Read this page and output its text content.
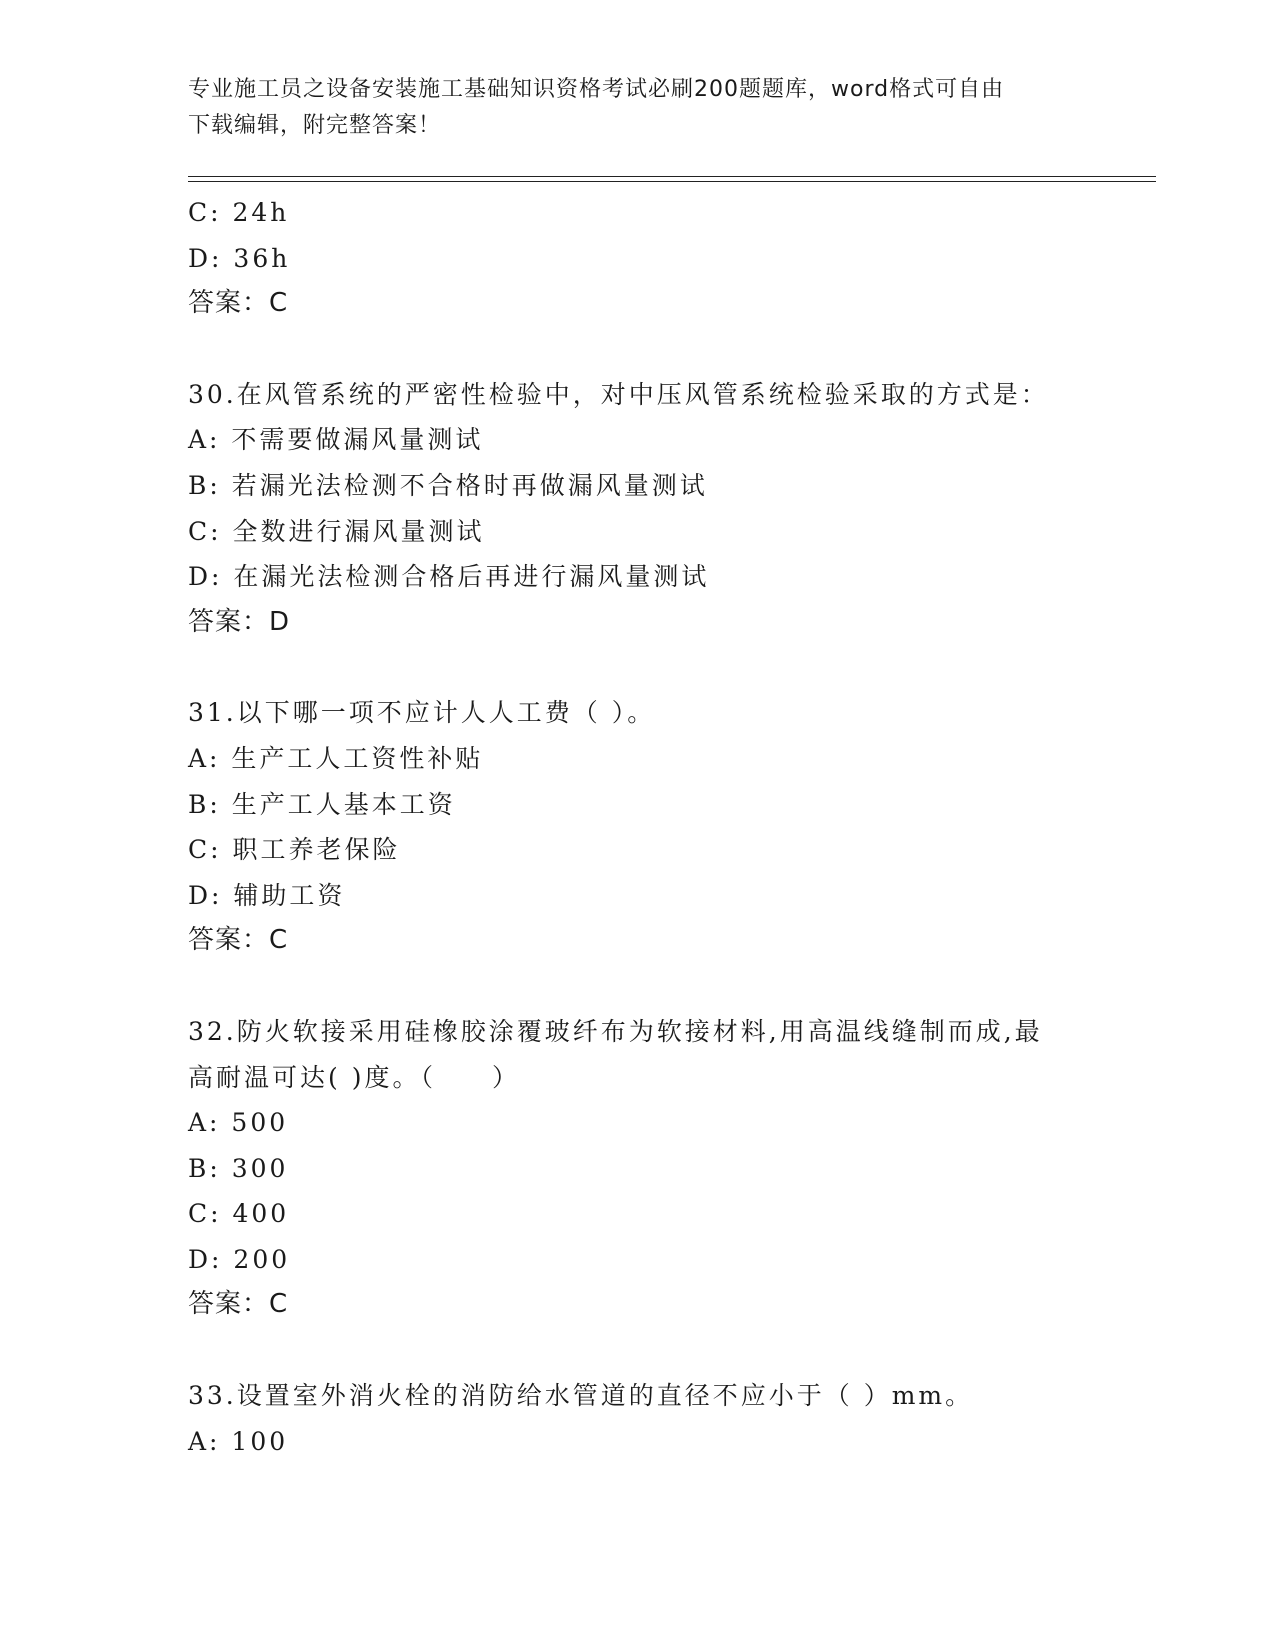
专业施工员之设备安装施工基础知识资格考试必刷200题题库，word格式可自由
下载编辑，附完整答案！
C: 24h
D: 36h
答案：C
30.在风管系统的严密性检验中，对中压风管系统检验采取的方式是：
A: 不需要做漏风量测试
B: 若漏光法检测不合格时再做漏风量测试
C: 全数进行漏风量测试
D: 在漏光法检测合格后再进行漏风量测试
答案：D
31.以下哪一项不应计人人工费（ ）。
A: 生产工人工资性补贴
B: 生产工人基本工资
C: 职工养老保险
D: 辅助工资
答案：C
32.防火软接采用硅橡胶涂覆玻纤布为软接材料,用高温线缝制而成,最
高耐温可达( )度。（　　）
A: 500
B: 300
C: 400
D: 200
答案：C
33.设置室外消火栓的消防给水管道的直径不应小于（ ）mm。
A: 100
